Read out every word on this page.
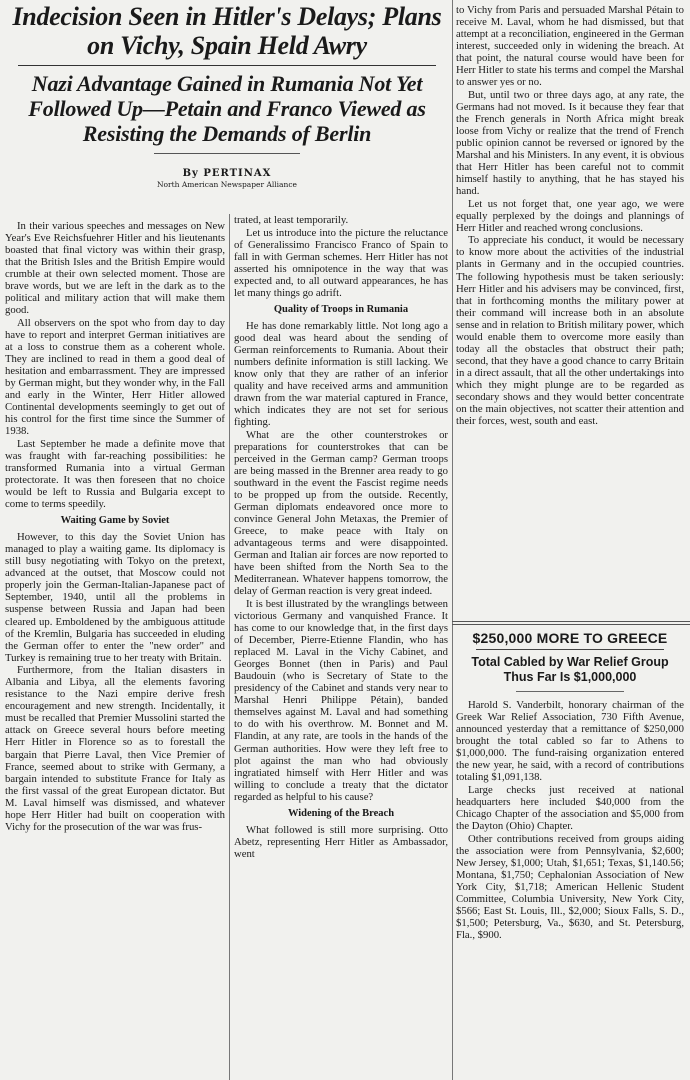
Indecision Seen in Hitler's Delays; Plans on Vichy, Spain Held Awry
Nazi Advantage Gained in Rumania Not Yet Followed Up—Petain and Franco Viewed as Resisting the Demands of Berlin
By PERTINAX
North American Newspaper Alliance

In their various speeches and messages on New Year's Eve Reichsfuehrer Hitler and his lieutenants boasted that final victory was within their grasp, that the British Isles and the British Empire would crumble at their own selected moment. Those are brave words, but we are left in the dark as to the political and military action that will make them good.

All observers on the spot who from day to day have to report and interpret German initiatives are at a loss to construe them as a coherent whole. They are inclined to read in them a good deal of hesitation and embarrassment. They are impressed by German might, but they wonder why, in the Fall and early in the Winter, Herr Hitler allowed Continental developments seemingly to get out of his control for the first time since the Summer of 1938.

Last September he made a definite move that was fraught with far-reaching possibilities: he transformed Rumania into a virtual German protectorate. It was then foreseen that no choice would be left to Russia and Bulgaria except to come to terms speedily.

Waiting Game by Soviet

However, to this day the Soviet Union has managed to play a waiting game. Its diplomacy is still busy negotiating with Tokyo on the pretext, advanced at the outset, that Moscow could not properly join the German-Italian-Japanese pact of September, 1940, until all the problems in suspense between Russia and Japan had been cleared up. Emboldened by the ambiguous attitude of the Kremlin, Bulgaria has succeeded in eluding the German offer to enter the "new order" and Turkey is remaining true to her treaty with Britain.

Furthermore, from the Italian disasters in Albania and Libya, all the elements favoring resistance to the Nazi empire derive fresh encouragement and new strength. Incidentally, it must be recalled that Premier Mussolini started the attack on Greece several hours before meeting Herr Hitler in Florence so as to forestall the bargain that Pierre Laval, then Vice Premier of France, seemed about to strike with Germany, a bargain intended to substitute France for Italy as the first vassal of the great European dictator. But M. Laval himself was dismissed, and whatever hope Herr Hitler had built on cooperation with Vichy for the prosecution of the war was frus-

trated, at least temporarily.

Let us introduce into the picture the reluctance of Generalissimo Francisco Franco of Spain to fall in with German schemes. Herr Hitler has not asserted his omnipotence in the way that was expected and, to all outward appearances, he has let many things go adrift.

Quality of Troops in Rumania

He has done remarkably little. Not long ago a good deal was heard about the sending of German reinforcements to Rumania. About their numbers definite information is still lacking. We know only that they are rather of an inferior quality and have received arms and ammunition drawn from the war material captured in France, which indicates they are not set for serious fighting.

What are the other counterstrokes or preparations for counterstrokes that can be perceived in the German camp? German troops are being massed in the Brenner area ready to go southward in the event the Fascist regime needs to be propped up from the outside. Recently, German diplomats endeavored once more to convince General John Metaxas, the Premier of Greece, to make peace with Italy on advantageous terms and were disappointed. German and Italian air forces are now reported to have been shifted from the North Sea to the Mediterranean. Whatever happens tomorrow, the delay of German reaction is very great indeed.

It is best illustrated by the wranglings between victorious Germany and vanquished France. It has come to our knowledge that, in the first days of December, Pierre-Etienne Flandin, who has replaced M. Laval in the Vichy Cabinet, and Georges Bonnet (then in Paris) and Paul Baudouin (who is Secretary of State to the presidency of the Cabinet and stands very near to Marshal Henri Philippe Pétain), banded themselves against M. Laval and had something to do with his overthrow. M. Bonnet and M. Flandin, at any rate, are tools in the hands of the German authorities. How were they left free to plot against the man who had obviously ingratiated himself with Herr Hitler and was willing to conclude a treaty that the dictator regarded as helpful to his cause?

Widening of the Breach

What followed is still more surprising. Otto Abetz, representing Herr Hitler as Ambassador, went

to Vichy from Paris and persuaded Marshal Pétain to receive M. Laval, whom he had dismissed, but that attempt at a reconciliation, engineered in the German interest, succeeded only in widening the breach. At that point, the natural course would have been for Herr Hitler to state his terms and compel the Marshal to answer yes or no.

But, until two or three days ago, at any rate, the Germans had not moved. Is it because they fear that the French generals in North Africa might break loose from Vichy or realize that the trend of French public opinion cannot be reversed or ignored by the Marshal and his Ministers. In any event, it is obvious that Herr Hitler has been careful not to commit himself hastily to anything, that he has stayed his hand.

Let us not forget that, one year ago, we were equally perplexed by the doings and plannings of Herr Hitler and reached wrong conclusions.

To appreciate his conduct, it would be necessary to know more about the activities of the industrial plants in Germany and in the occupied countries. The following hypothesis must be taken seriously: Herr Hitler and his advisers may be convinced, first, that in forthcoming months the military power at their command will increase both in an absolute sense and in relation to British military power, which would enable them to overcome more easily than today all the obstacles that obstruct their path; second, that they have a good chance to carry Britain in a direct assault, that all the other undertakings into which they might plunge are to be regarded as secondary shows and they would better concentrate on the main objectives, not scatter their attention and their forces, west, south and east.

$250,000 MORE TO GREECE
Total Cabled by War Relief Group Thus Far Is $1,000,000

Harold S. Vanderbilt, honorary chairman of the Greek War Relief Association, 730 Fifth Avenue, announced yesterday that a remittance of $250,000 brought the total cabled so far to Athens to $1,000,000. The fund-raising organization entered the new year, he said, with a record of contributions totaling $1,091,138.

Large checks just received at national headquarters here included $40,000 from the Chicago Chapter of the association and $5,000 from the Dayton (Ohio) Chapter.

Other contributions received from groups aiding the association were from Pennsylvania, $2,600; New Jersey, $1,000; Utah, $1,651; Texas, $1,140.56; Montana, $1,750; Cephalonian Association of New York City, $1,718; American Hellenic Student Committee, Columbia University, New York City, $566; East St. Louis, Ill., $2,000; Sioux Falls, S. D., $1,500; Petersburg, Va., $630, and St. Petersburg, Fla., $900.
